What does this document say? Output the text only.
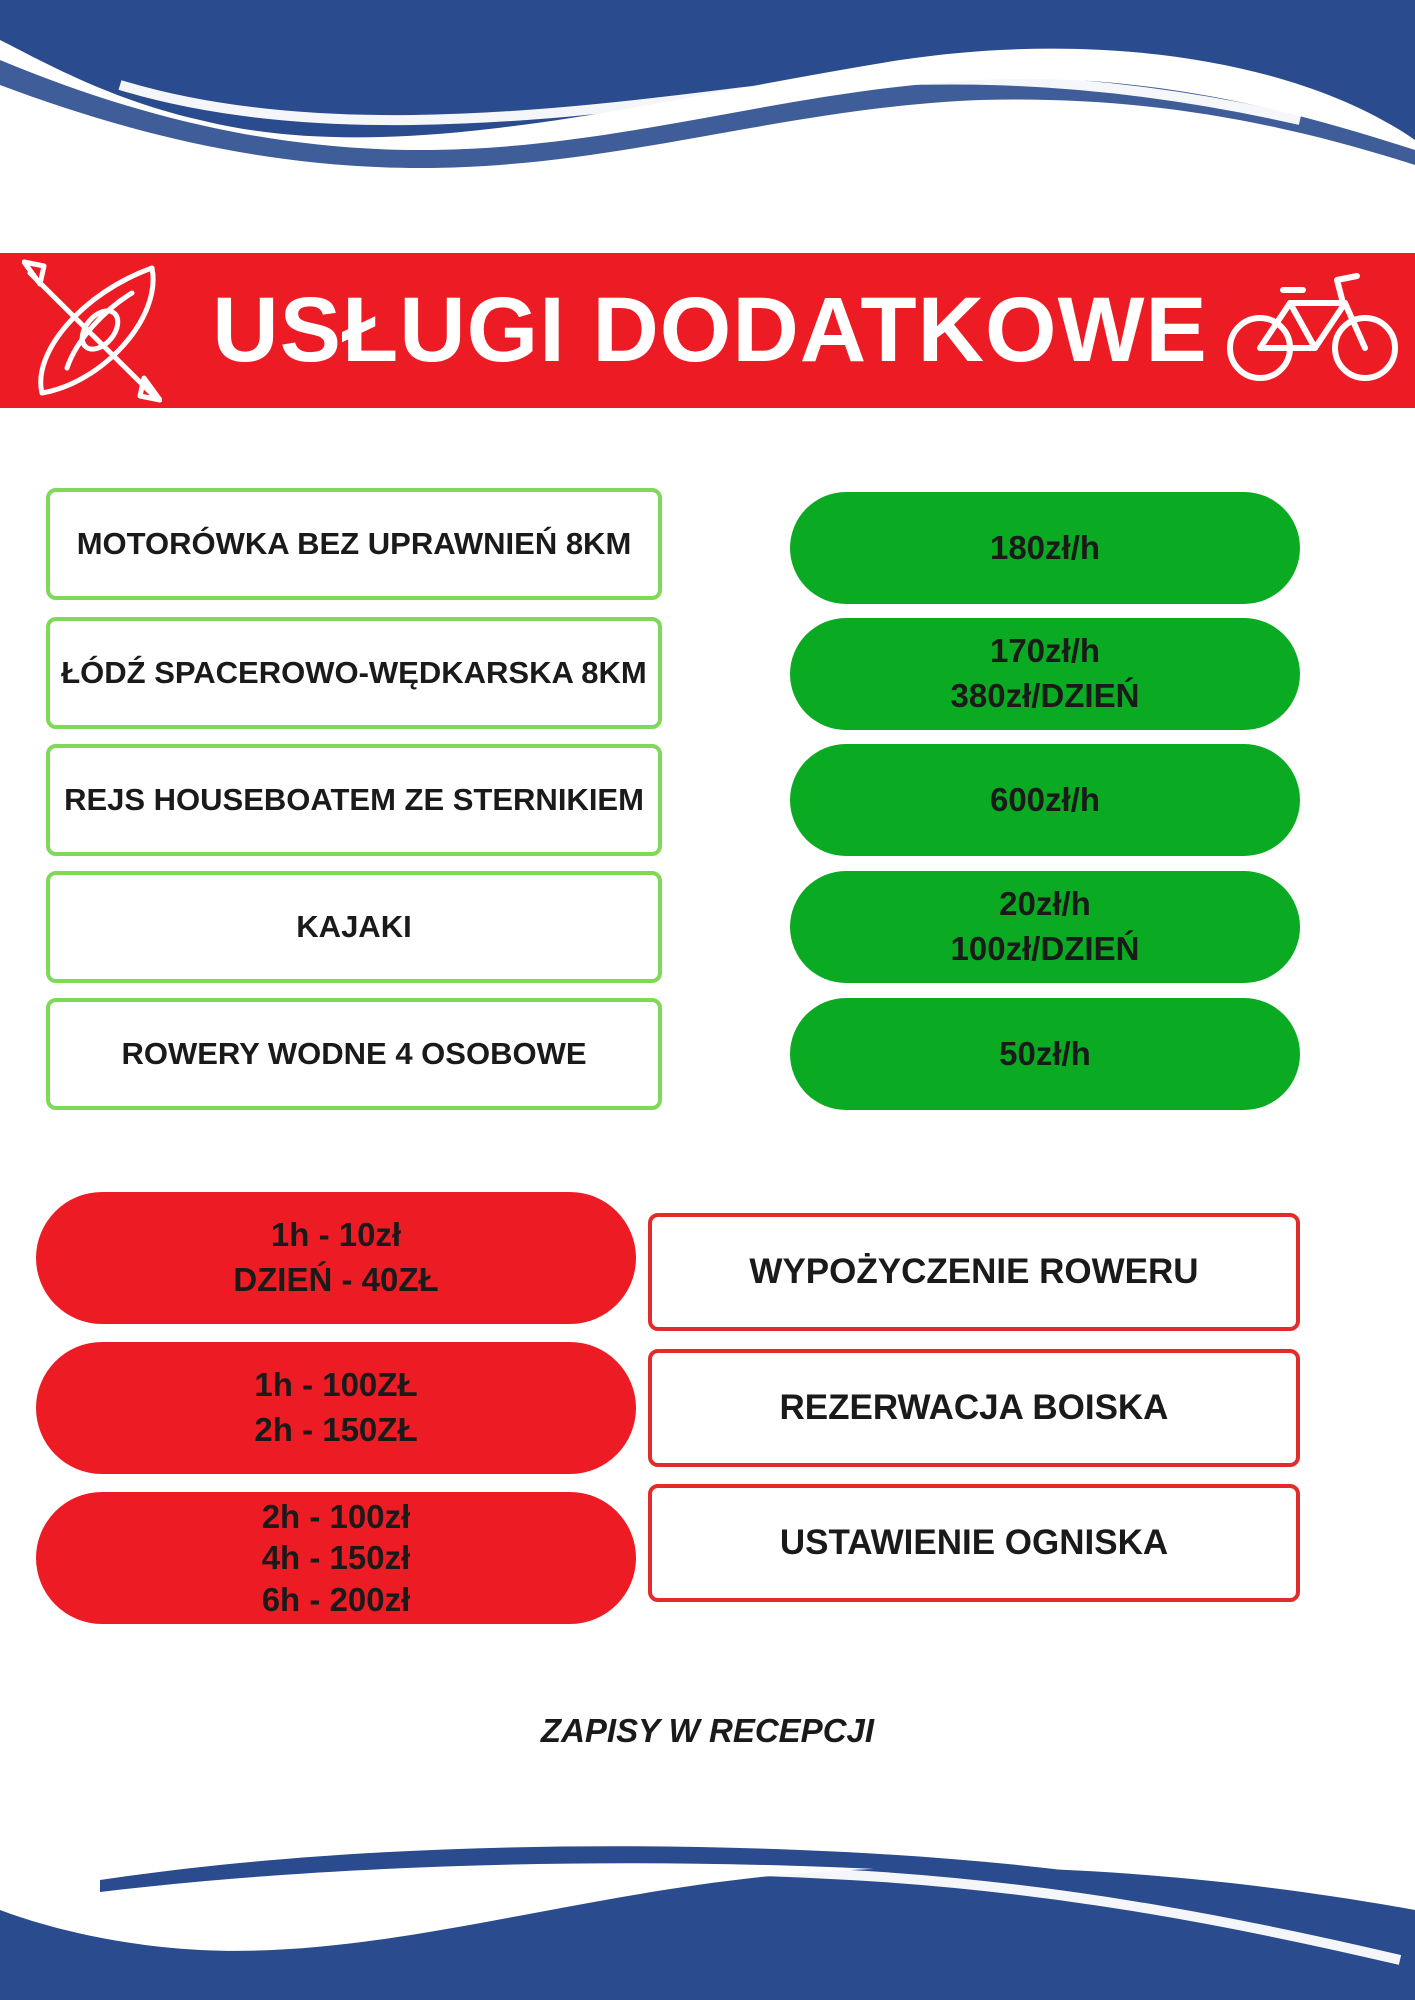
USŁUGI DODATKOWE
MOTORÓWKA BEZ UPRAWNIEŃ 8KM
ŁÓDŹ SPACEROWO-WĘDKARSKA 8KM
REJS HOUSEBOATEM ZE STERNIKIEM
KAJAKI
ROWERY WODNE 4 OSOBOWE
180zł/h
170zł/h
380zł/DZIEŃ
600zł/h
20zł/h
100zł/DZIEŃ
50zł/h
1h - 10zł
DZIEŃ - 40ZŁ
1h - 100ZŁ
2h - 150ZŁ
2h - 100zł
4h - 150zł
6h - 200zł
WYPOŻYCZENIE ROWERU
REZERWACJA BOISKA
USTAWIENIE OGNISKA
ZAPISY W RECEPCJI
